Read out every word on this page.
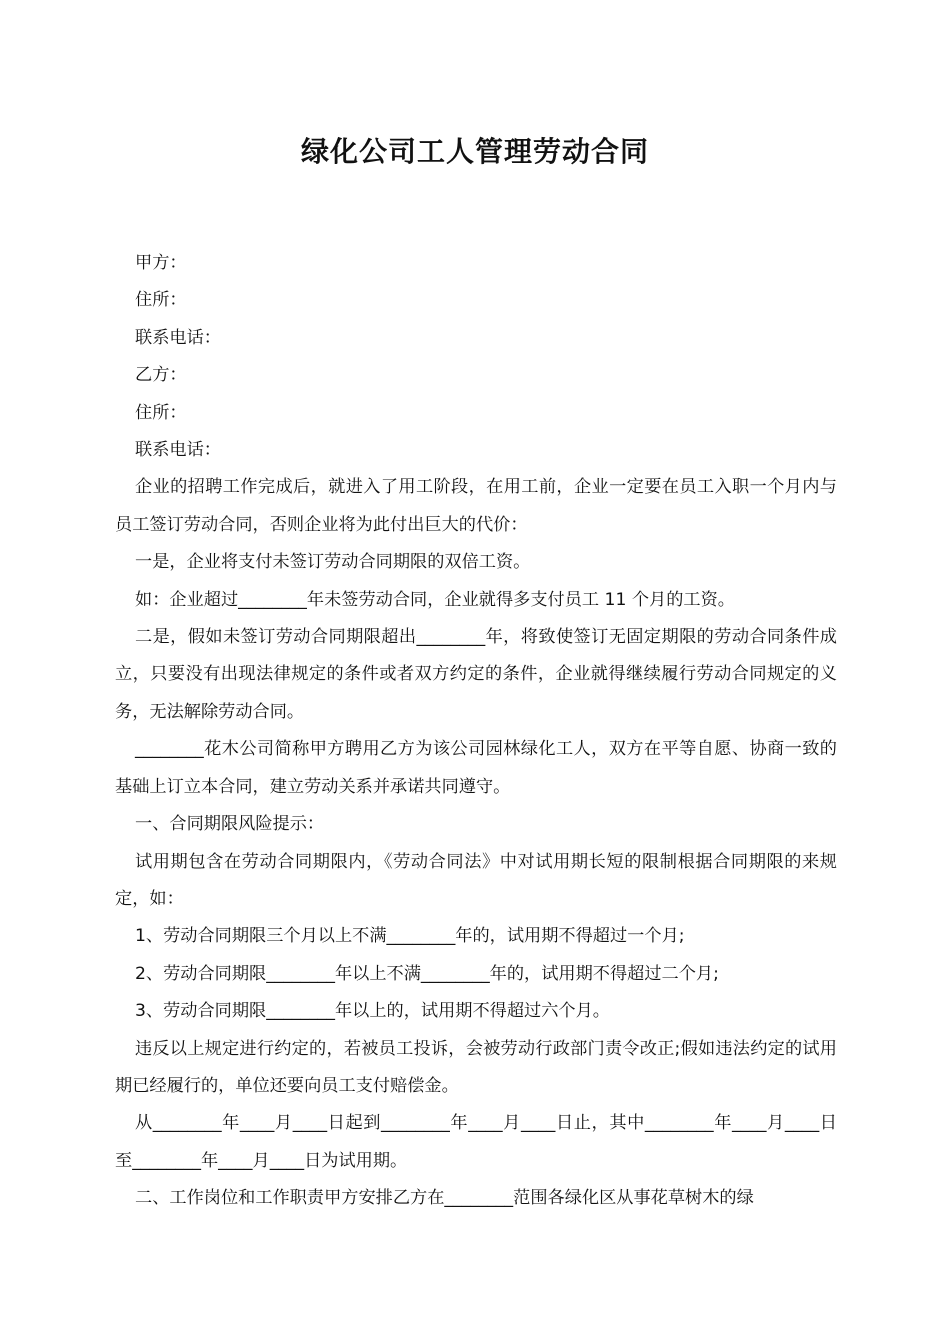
绿化公司工人管理劳动合同

甲方：

住所：

联系电话：

乙方：

住所：

联系电话：

企业的招聘工作完成后，就进入了用工阶段，在用工前，企业一定要在员工入职一个月内与员工签订劳动合同，否则企业将为此付出巨大的代价：

一是，企业将支付未签订劳动合同期限的双倍工资。

如：企业超过________年未签劳动合同，企业就得多支付员工 11 个月的工资。

二是，假如未签订劳动合同期限超出________年，将致使签订无固定期限的劳动合同条件成立，只要没有出现法律规定的条件或者双方约定的条件，企业就得继续履行劳动合同规定的义务，无法解除劳动合同。

________花木公司简称甲方聘用乙方为该公司园林绿化工人，双方在平等自愿、协商一致的基础上订立本合同，建立劳动关系并承诺共同遵守。

一、合同期限风险提示：

试用期包含在劳动合同期限内，《劳动合同法》中对试用期长短的限制根据合同期限的来规定，如：

1、劳动合同期限三个月以上不满________年的，试用期不得超过一个月;

2、劳动合同期限________年以上不满________年的，试用期不得超过二个月;

3、劳动合同期限________年以上的，试用期不得超过六个月。

违反以上规定进行约定的，若被员工投诉，会被劳动行政部门责令改正;假如违法约定的试用期已经履行的，单位还要向员工支付赔偿金。

从________年____月____日起到________年____月____日止，其中________年____月____日至________年____月____日为试用期。

二、工作岗位和工作职责甲方安排乙方在________范围各绿化区从事花草树木的绿
